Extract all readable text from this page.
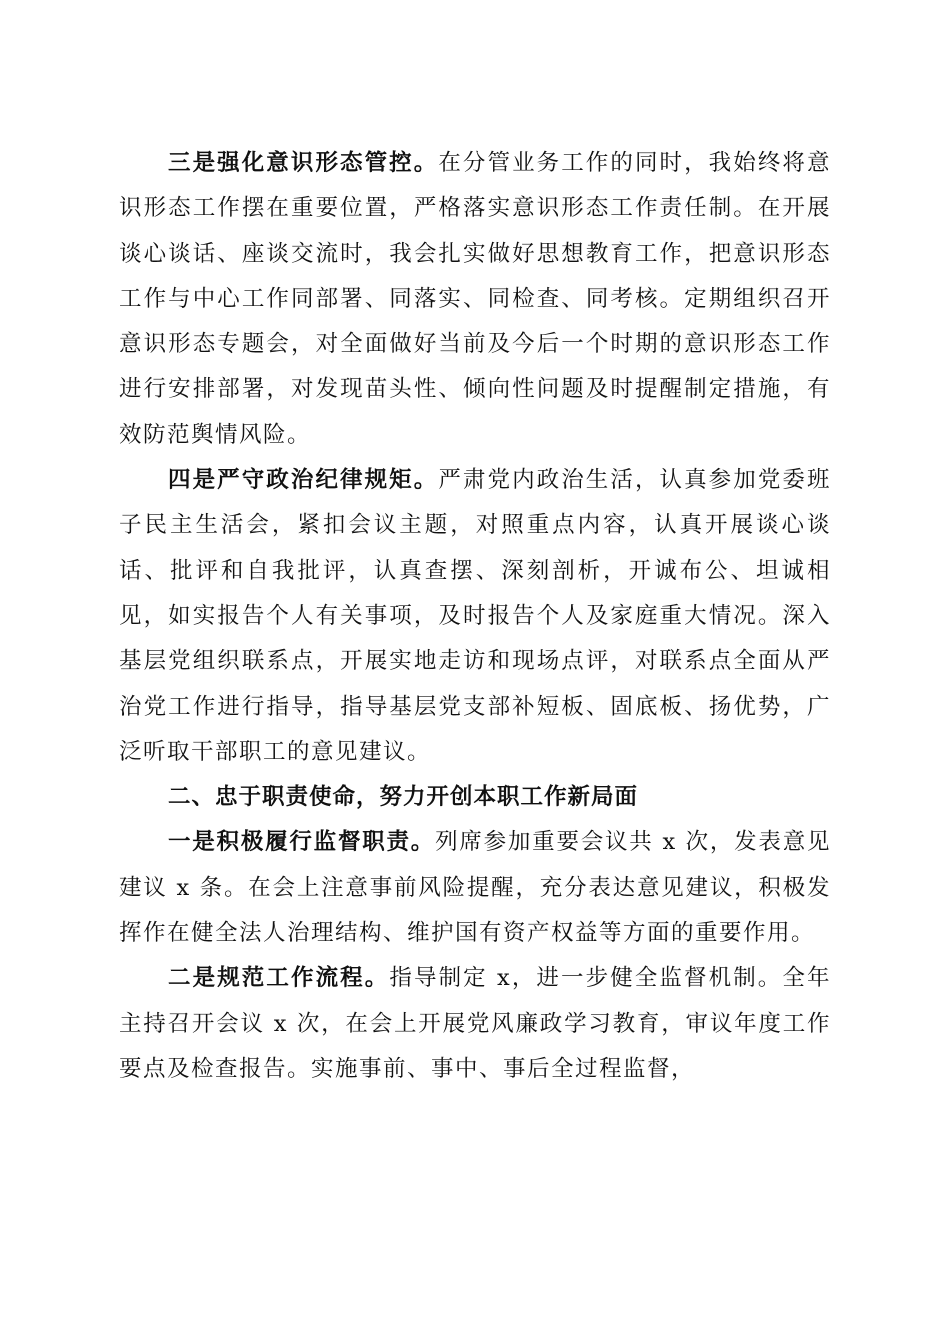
三是强化意识形态管控。在分管业务工作的同时，我始终将意识形态工作摆在重要位置，严格落实意识形态工作责任制。在开展谈心谈话、座谈交流时，我会扎实做好思想教育工作，把意识形态工作与中心工作同部署、同落实、同检查、同考核。定期组织召开意识形态专题会，对全面做好当前及今后一个时期的意识形态工作进行安排部署，对发现苗头性、倾向性问题及时提醒制定措施，有效防范舆情风险。

四是严守政治纪律规矩。严肃党内政治生活，认真参加党委班子民主生活会，紧扣会议主题，对照重点内容，认真开展谈心谈话、批评和自我批评，认真查摆、深刻剖析，开诚布公、坦诚相见，如实报告个人有关事项，及时报告个人及家庭重大情况。深入基层党组织联系点，开展实地走访和现场点评，对联系点全面从严治党工作进行指导，指导基层党支部补短板、固底板、扬优势，广泛听取干部职工的意见建议。

二、忠于职责使命，努力开创本职工作新局面

一是积极履行监督职责。列席参加重要会议共 x 次，发表意见建议 x 条。在会上注意事前风险提醒，充分表达意见建议，积极发挥作在健全法人治理结构、维护国有资产权益等方面的重要作用。

二是规范工作流程。指导制定 x，进一步健全监督机制。全年主持召开会议 x 次，在会上开展党风廉政学习教育，审议年度工作要点及检查报告。实施事前、事中、事后全过程监督，
